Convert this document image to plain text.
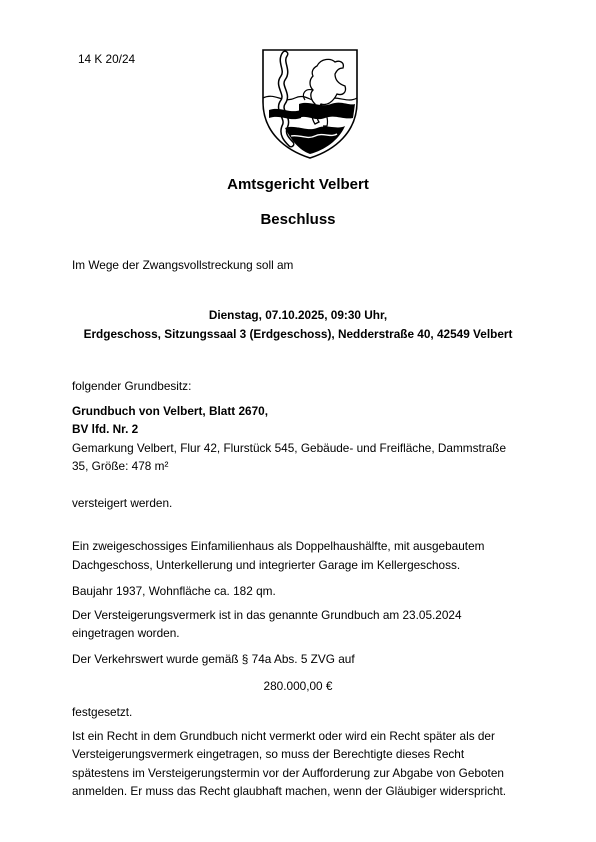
14 K 20/24
Amtsgericht Velbert
Beschluss
Im Wege der Zwangsvollstreckung soll am
Dienstag, 07.10.2025, 09:30 Uhr,
Erdgeschoss, Sitzungssaal 3 (Erdgeschoss), Nedderstraße 40, 42549 Velbert
folgender Grundbesitz:
Grundbuch von Velbert, Blatt 2670,
BV lfd. Nr. 2
Gemarkung Velbert, Flur 42, Flurstück 545, Gebäude- und Freifläche, Dammstraße
35, Größe: 478 m²
versteigert werden.
Ein zweigeschossiges Einfamilienhaus als Doppelhaushälfte, mit ausgebautem
Dachgeschoss, Unterkellerung und integrierter Garage im Kellergeschoss.
Baujahr 1937, Wohnfläche ca. 182 qm.
Der Versteigerungsvermerk ist in das genannte Grundbuch am 23.05.2024
eingetragen worden.
Der Verkehrswert wurde gemäß § 74a Abs. 5 ZVG auf
280.000,00 €
festgesetzt.
Ist ein Recht in dem Grundbuch nicht vermerkt oder wird ein Recht später als der
Versteigerungsvermerk eingetragen, so muss der Berechtigte dieses Recht
spätestens im Versteigerungstermin vor der Aufforderung zur Abgabe von Geboten
anmelden. Er muss das Recht glaubhaft machen, wenn der Gläubiger widerspricht.
